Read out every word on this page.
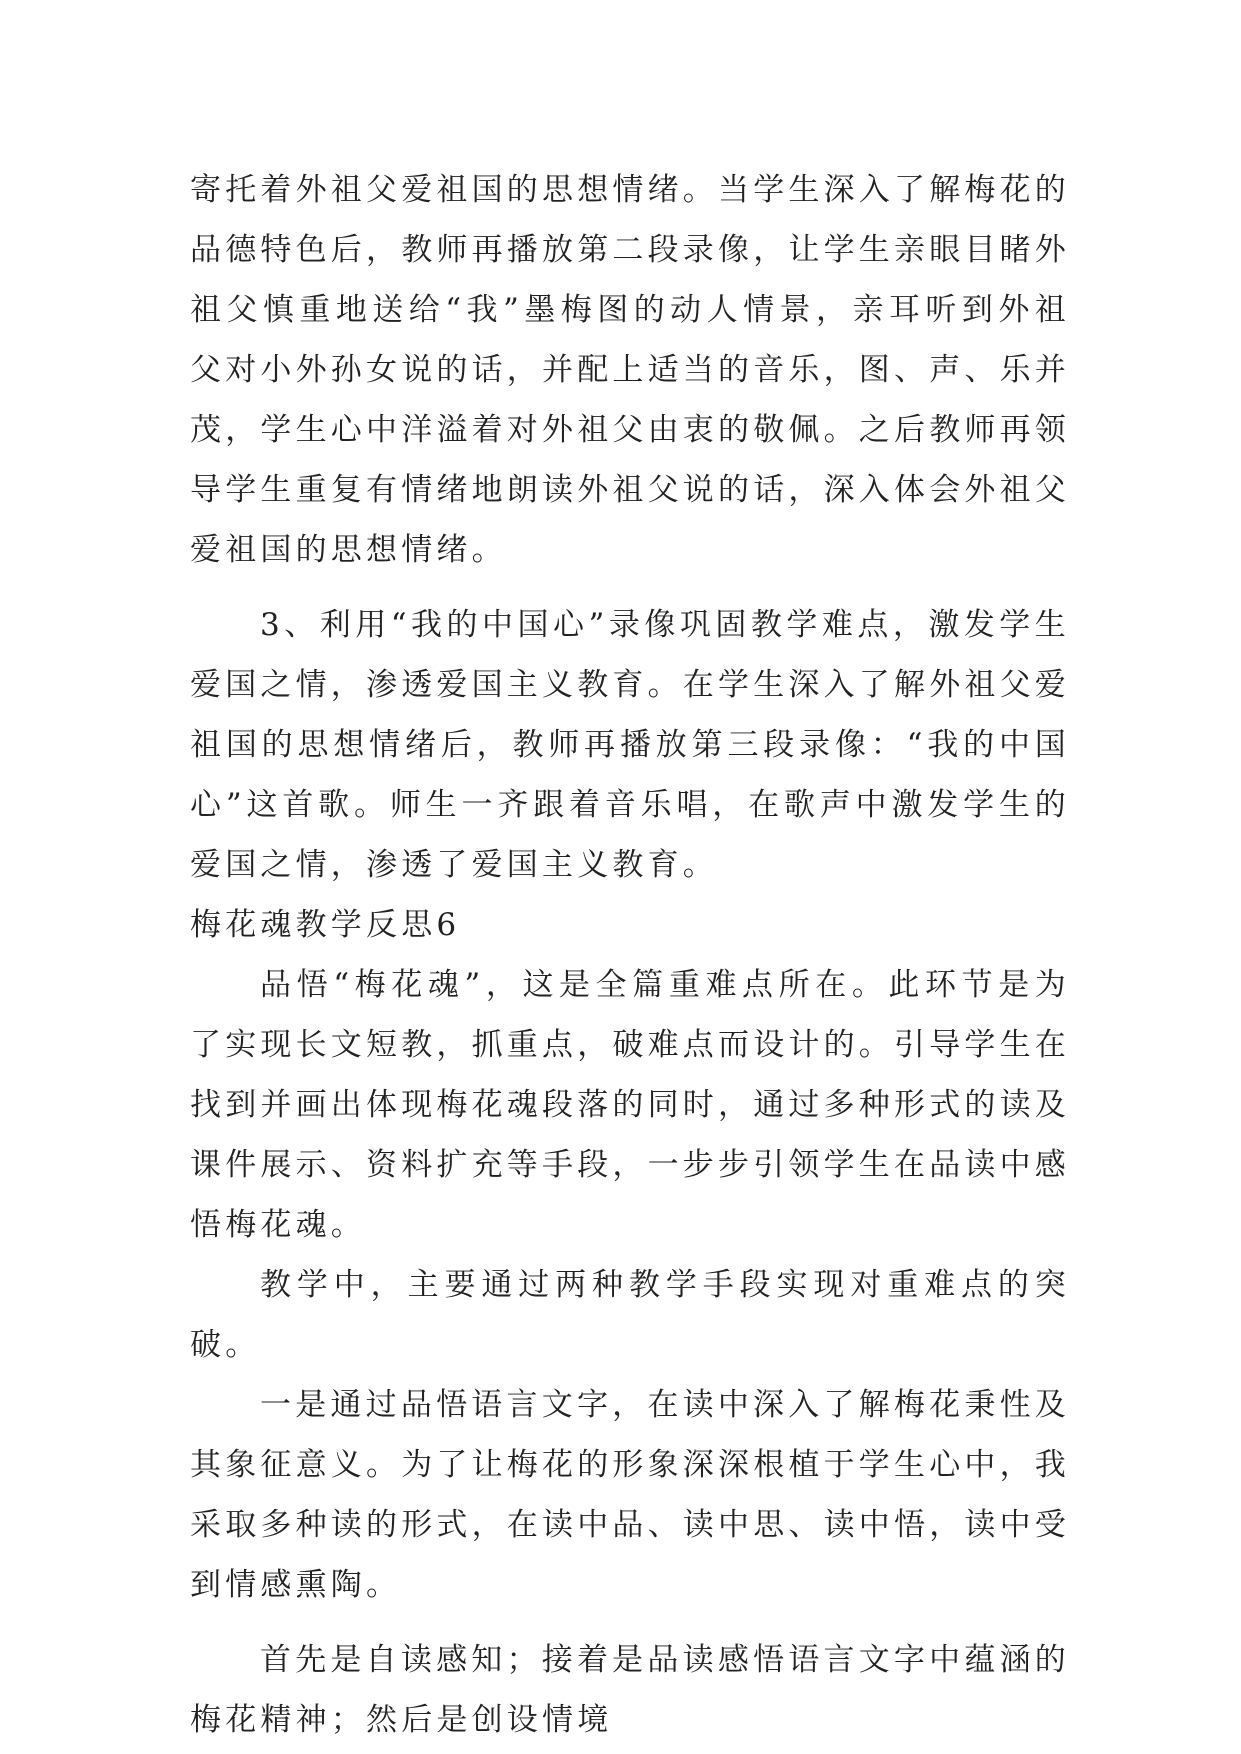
寄托着外祖父爱祖国的思想情绪。当学生深入了解梅花的品德特色后，教师再播放第二段录像，让学生亲眼目睹外祖父慎重地送给“我”墨梅图的动人情景，亲耳听到外祖父对小外孙女说的话，并配上适当的音乐，图、声、乐并茂，学生心中洋溢着对外祖父由衷的敬佩。之后教师再领导学生重复有情绪地朗读外祖父说的话，深入体会外祖父爱祖国的思想情绪。

3、利用“我的中国心”录像巩固教学难点，激发学生爱国之情，渗透爱国主义教育。在学生深入了解外祖父爱祖国的思想情绪后，教师再播放第三段录像：“我的中国心”这首歌。师生一齐跟着音乐唱，在歌声中激发学生的爱国之情，渗透了爱国主义教育。

梅花魂教学反思6

品悟“梅花魂”，这是全篇重难点所在。此环节是为了实现长文短教，抓重点，破难点而设计的。引导学生在找到并画出体现梅花魂段落的同时，通过多种形式的读及课件展示、资料扩充等手段，一步步引领学生在品读中感悟梅花魂。

教学中，主要通过两种教学手段实现对重难点的突破。

一是通过品悟语言文字，在读中深入了解梅花秉性及其象征意义。为了让梅花的形象深深根植于学生心中，我采取多种读的形式，在读中品、读中思、读中悟，读中受到情感熏陶。

首先是自读感知；接着是品读感悟语言文字中蕴涵的梅花精神；然后是创设情境
